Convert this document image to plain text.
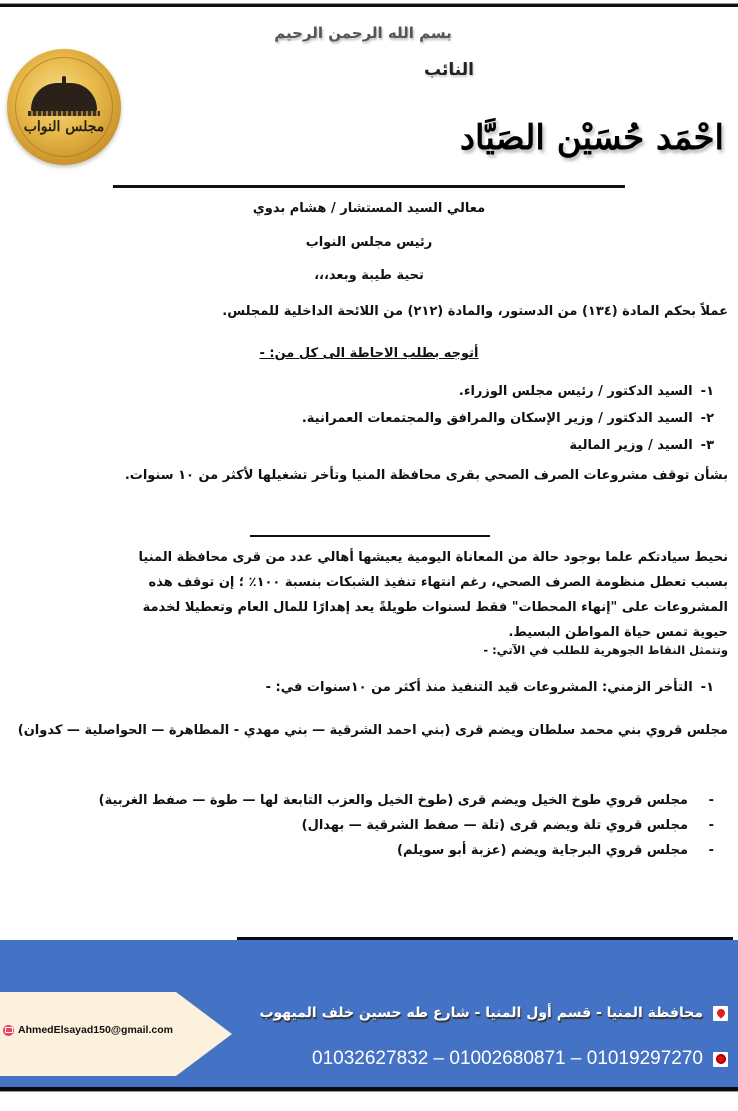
بسم الله الرحمن الرحيم
النائب
احْمَد حُسَيْن الصَيَّاد
مجلس النواب
معالي السيد المستشار / هشام بدوي
رئيس مجلس النواب
تحية طيبة وبعد،،،
عملاً بحكم المادة (١٣٤) من الدستور، والمادة (٢١٢) من اللائحة الداخلية للمجلس.
أتوجه بطلب الاحاطة الى كل من: -
١-السيد الدكتور / رئيس مجلس الوزراء.
٢-السيد الدكتور / وزير الإسكان والمرافق والمجتمعات العمرانية.
٣-السيد / وزير المالية
بشأن توقف مشروعات الصرف الصحي بقرى محافظة المنيا وتأخر تشغيلها لأكثر من ١٠ سنوات.
نحيط سيادتكم علما بوجود حالة من المعاناة اليومية يعيشها أهالي عدد من قرى محافظة المنيا
بسبب تعطل منظومة الصرف الصحي، رغم انتهاء تنفيذ الشبكات بنسبة ١٠٠٪ ؛ إن توقف هذه
المشروعات على "إنهاء المحطات" فقط لسنوات طويلةً يعد إهدارًا للمال العام وتعطيلا لخدمة
حيوية تمس حياة المواطن البسيط.
وتتمثل النقاط الجوهرية للطلب في الآتي: -
١-التأخر الزمني: المشروعات قيد التنفيذ منذ أكثر من ١٠سنوات في: -
مجلس قروي بني محمد سلطان ويضم قرى (بني احمد الشرقية — بني مهدي - المطاهرة — الحواصلية — كدوان)
-
مجلس قروي طوخ الخيل ويضم قرى (طوخ الخيل والعزب التابعة لها — طوة — صفط الغربية)
-
مجلس قروي تلة ويضم قرى (تلة — صفط الشرقية — بهدال)
-
مجلس قروي البرجاية ويضم (عزبة أبو سويلم)
AhmedElsayad150@gmail.com
محافظة المنيا - قسم أول المنيا - شارع طه حسين خلف الميهوب
01032627832 – 01002680871 – 01019297270
